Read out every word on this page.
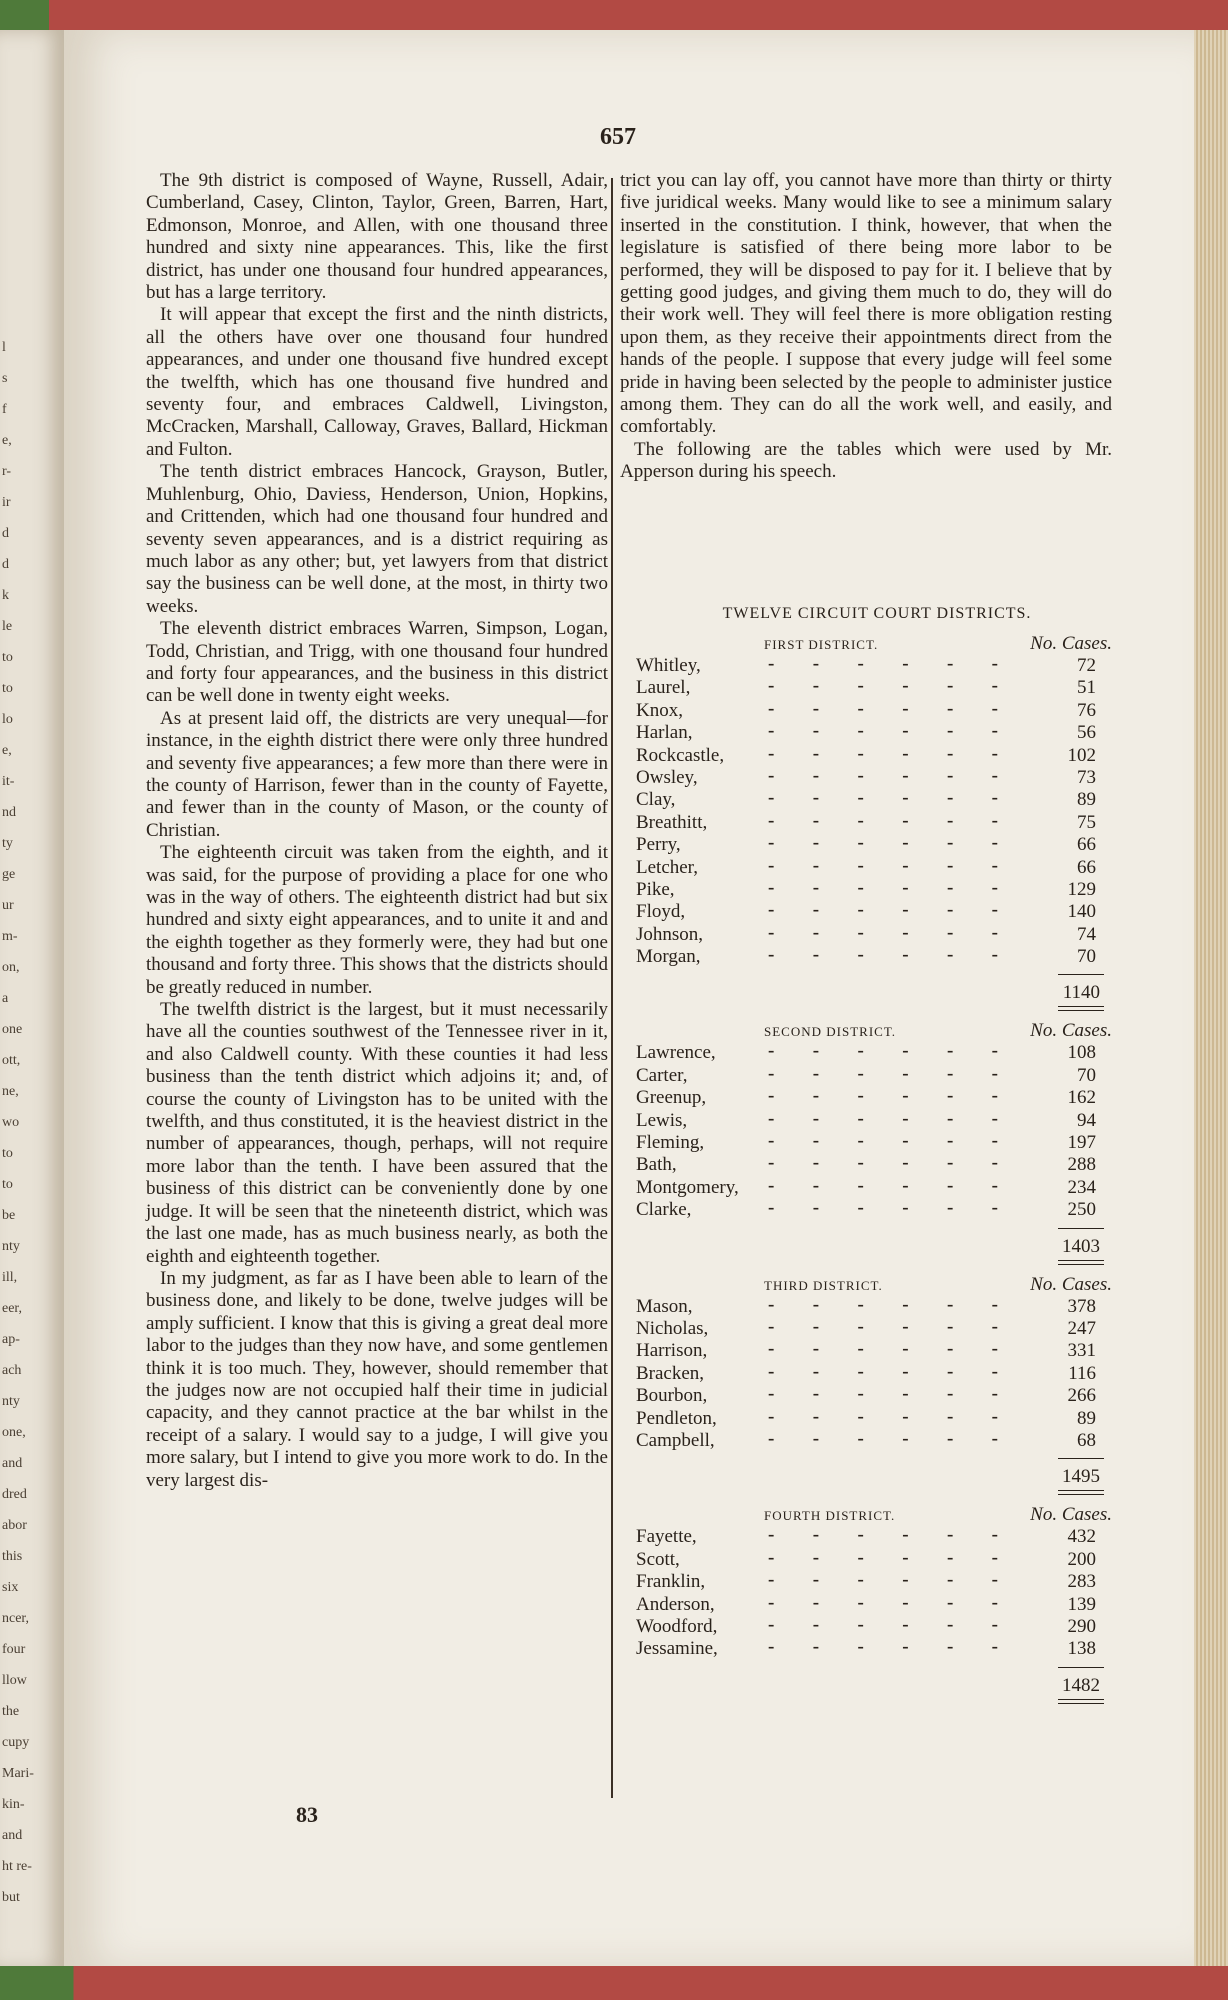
l
s
f
e,
r-
ir
d
d
k
le
to
to
lo
e,
it-
nd
ty
ge
ur
m-
on,
a
one
ott,
ne,
wo
to
to
be
nty
ill,
eer,
ap-
ach
nty
one,
and
dred
abor
this
six
ncer,
four
llow
the
cupy
Mari-
kin-
and
ht re-
but
657

The 9th district is composed of Wayne, Russell, Adair, Cumberland, Casey, Clinton, Taylor, Green, Barren, Hart, Edmonson, Monroe, and Allen, with one thousand three hundred and sixty nine appearances. This, like the first district, has under one thousand four hundred appearances, but has a large territory.

It will appear that except the first and the ninth districts, all the others have over one thousand four hundred appearances, and under one thousand five hundred except the twelfth, which has one thousand five hundred and seventy four, and embraces Caldwell, Livingston, McCracken, Marshall, Calloway, Graves, Ballard, Hickman and Fulton.

The tenth district embraces Hancock, Grayson, Butler, Muhlenburg, Ohio, Daviess, Henderson, Union, Hopkins, and Crittenden, which had one thousand four hundred and seventy seven appearances, and is a district requiring as much labor as any other; but, yet lawyers from that district say the business can be well done, at the most, in thirty two weeks.

The eleventh district embraces Warren, Simpson, Logan, Todd, Christian, and Trigg, with one thousand four hundred and forty four appearances, and the business in this district can be well done in twenty eight weeks.

As at present laid off, the districts are very unequal—for instance, in the eighth district there were only three hundred and seventy five appearances; a few more than there were in the county of Harrison, fewer than in the county of Fayette, and fewer than in the county of Mason, or the county of Christian.

The eighteenth circuit was taken from the eighth, and it was said, for the purpose of providing a place for one who was in the way of others. The eighteenth district had but six hundred and sixty eight appearances, and to unite it and and the eighth together as they formerly were, they had but one thousand and forty three. This shows that the districts should be greatly reduced in number.

The twelfth district is the largest, but it must necessarily have all the counties southwest of the Tennessee river in it, and also Caldwell county. With these counties it had less business than the tenth district which adjoins it; and, of course the county of Livingston has to be united with the twelfth, and thus constituted, it is the heaviest district in the number of appearances, though, perhaps, will not require more labor than the tenth. I have been assured that the business of this district can be conveniently done by one judge. It will be seen that the nineteenth district, which was the last one made, has as much business nearly, as both the eighth and eighteenth together.

In my judgment, as far as I have been able to learn of the business done, and likely to be done, twelve judges will be amply sufficient. I know that this is giving a great deal more labor to the judges than they now have, and some gentlemen think it is too much. They, however, should remember that the judges now are not occupied half their time in judicial capacity, and they cannot practice at the bar whilst in the receipt of a salary. I would say to a judge, I will give you more salary, but I intend to give you more work to do. In the very largest dis-

trict you can lay off, you cannot have more than thirty or thirty five juridical weeks. Many would like to see a minimum salary inserted in the constitution. I think, however, that when the legislature is satisfied of there being more labor to be performed, they will be disposed to pay for it. I believe that by getting good judges, and giving them much to do, they will do their work well. They will feel there is more obligation resting upon them, as they receive their appointments direct from the hands of the people. I suppose that every judge will feel some pride in having been selected by the people to administer justice among them. They can do all the work well, and easily, and comfortably.

The following are the tables which were used by Mr. Apperson during his speech.

TWELVE CIRCUIT COURT DISTRICTS.
FIRST DISTRICT.	No. Cases.
Whitley,	- - - - - -	72
Laurel,	- - - - - -	51
Knox,	- - - - - -	76
Harlan,	- - - - - -	56
Rockcastle, - - - - - -	102
Owsley,	- - - - - -	73
Clay,	- - - - - -	89
Breathitt,	- - - - - -	75
Perry,	- - - - - -	66
Letcher,	- - - - - -	66
Pike,	- - - - - -	129
Floyd,	- - - - - -	140
Johnson,	- - - - - -	74
Morgan,	- - - - - -	70
1140
SECOND DISTRICT.	No. Cases.
Lawrence,	- - - - - -	108
Carter,	- - - - - -	70
Greenup,	- - - - - -	162
Lewis,	- - - - - -	94
Fleming,	- - - - - -	197
Bath,	- - - - - -	288
Montgomery, - - - - - -	234
Clarke,	- - - - - -	250
1403
THIRD DISTRICT.	No. Cases.
Mason,	- - - - - -	378
Nicholas,	- - - - - -	247
Harrison,	- - - - - -	331
Bracken,	- - - - - -	116
Bourbon,	- - - - - -	266
Pendleton,	- - - - - -	89
Campbell,	- - - - - -	68
1495
FOURTH DISTRICT.	No. Cases.
Fayette,	- - - - - -	432
Scott,	- - - - - -	200
Franklin,	- - - - - -	283
Anderson,	- - - - - -	139
Woodford,	- - - - - -	290
Jessamine,	- - - - - -	138
1482
83
